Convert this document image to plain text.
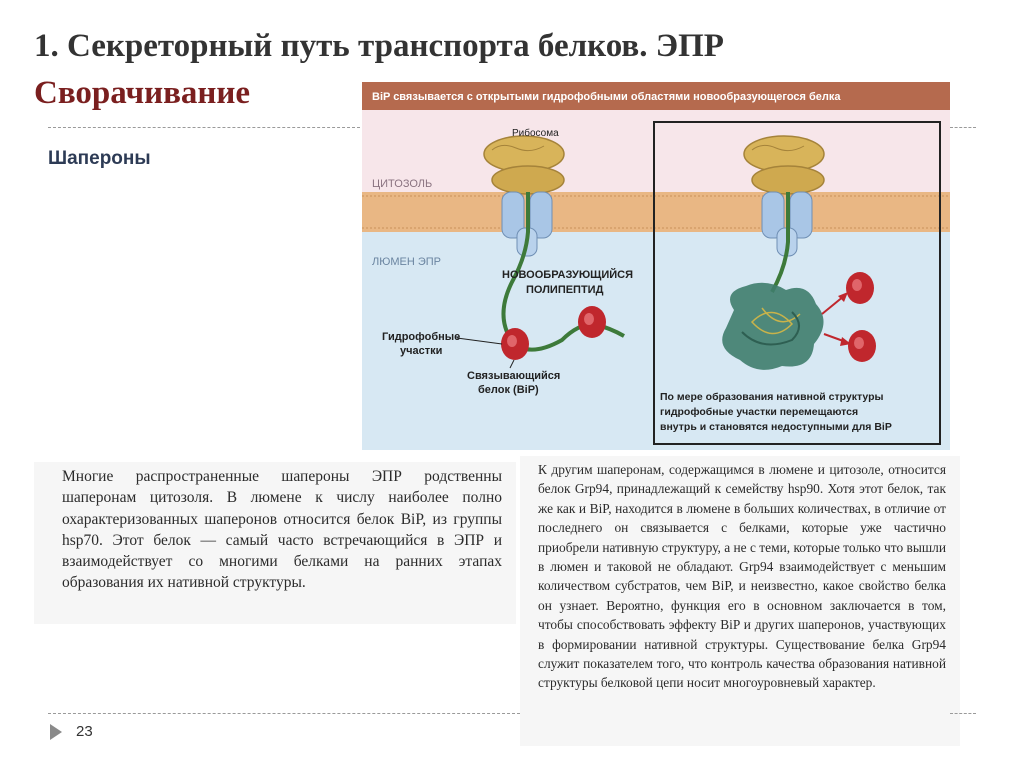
1. Секреторный путь транспорта белков. ЭПР
Сворачивание
Шапероны
BiP связывается с открытыми гидрофобными областями новообразующегося белка
ЦИТОЗОЛЬ
ЛЮМЕН ЭПР
Рибосома
НОВООБРАЗУЮЩИЙСЯ
ПОЛИПЕПТИД
Гидрофобные
участки
Связывающийся
белок (BiP)
По мере образования нативной структуры
гидрофобные участки перемещаются
внутрь и становятся недоступными для BiP
Многие распространенные шапероны ЭПР родственны шаперонам цитозоля. В люмене к числу наиболее полно охарактеризованных шаперонов относится белок BiP, из группы hsp70. Этот белок — самый часто встречающийся в ЭПР и взаимодействует со многими белками на ранних этапах образования их нативной структуры.
К другим шаперонам, содержащимся в люмене и цитозоле, относится белок Grp94, принадлежащий к семейству hsp90. Хотя этот белок, так же как и BiP, находится в люмене в больших количествах, в отличие от последнего он связывается с белками, которые уже частично приобрели нативную структуру, а не с теми, которые только что вышли в люмен и таковой не обладают. Grp94 взаимодействует с меньшим количеством субстратов, чем BiP, и неизвестно, какое свойство белка он узнает. Вероятно, функция его в основном заключается в том, чтобы способствовать эффекту BiP и других шаперонов, участвующих в формировании нативной структуры. Существование белка Grp94 служит показателем того, что контроль качества образования нативной структуры белковой цепи носит многоуровневый характер.
23
